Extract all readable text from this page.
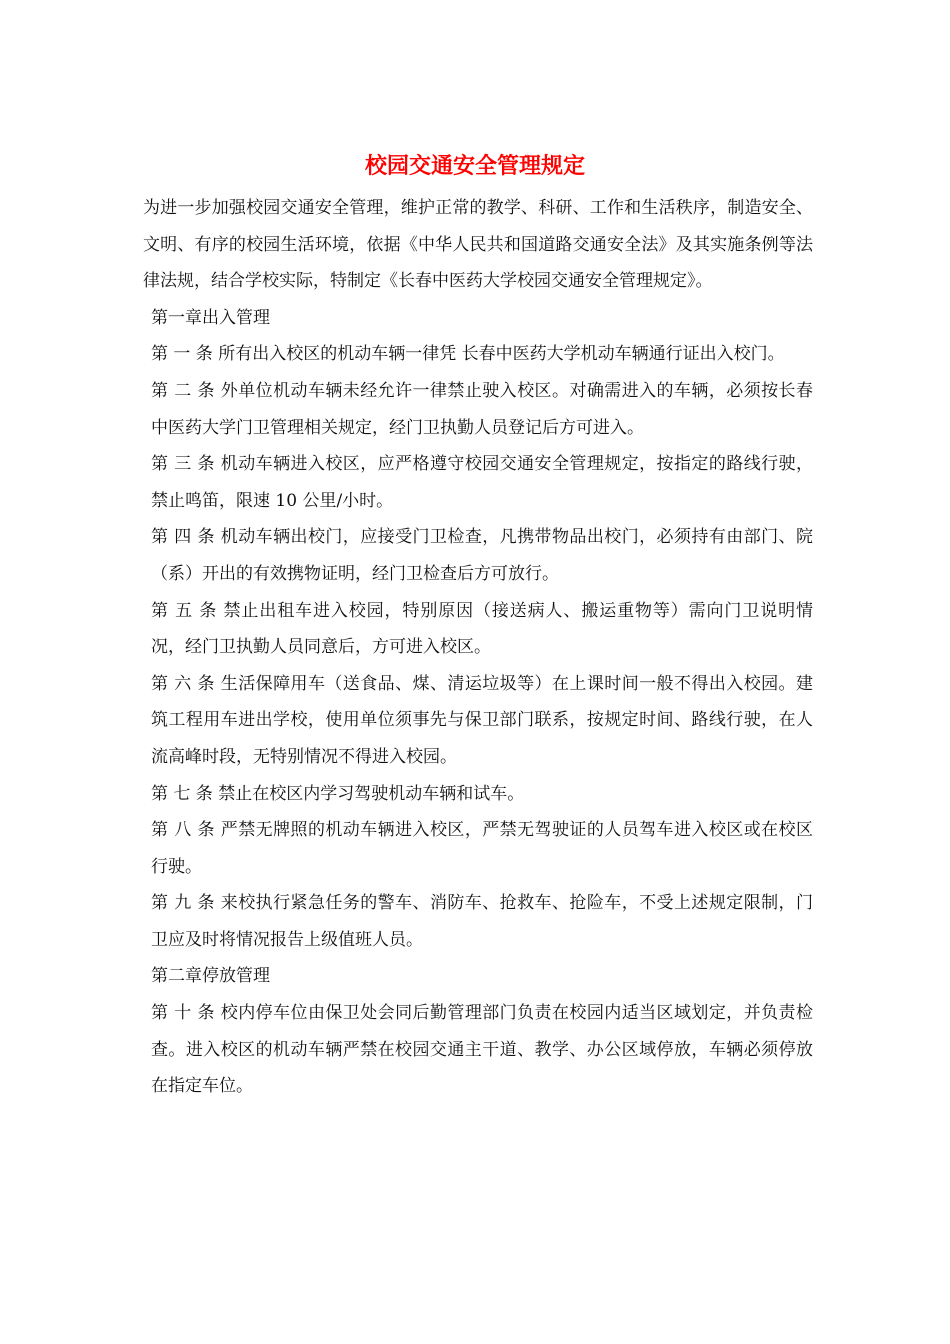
校园交通安全管理规定

为进一步加强校园交通安全管理，维护正常的教学、科研、工作和生活秩序，制造安全、文明、有序的校园生活环境，依据《中华人民共和国道路交通安全法》及其实施条例等法律法规，结合学校实际，特制定《长春中医药大学校园交通安全管理规定》。

第一章出入管理

第 一 条 所有出入校区的机动车辆一律凭 长春中医药大学机动车辆通行证出入校门。

第 二 条 外单位机动车辆未经允许一律禁止驶入校区。对确需进入的车辆，必须按长春中医药大学门卫管理相关规定，经门卫执勤人员登记后方可进入。

第 三 条 机动车辆进入校区，应严格遵守校园交通安全管理规定，按指定的路线行驶，禁止鸣笛，限速 10 公里/小时。

第 四 条 机动车辆出校门，应接受门卫检查，凡携带物品出校门，必须持有由部门、院（系）开出的有效携物证明，经门卫检查后方可放行。

第 五 条 禁止出租车进入校园，特别原因（接送病人、搬运重物等）需向门卫说明情况，经门卫执勤人员同意后，方可进入校区。

第 六 条 生活保障用车（送食品、煤、清运垃圾等）在上课时间一般不得出入校园。建筑工程用车进出学校，使用单位须事先与保卫部门联系，按规定时间、路线行驶，在人流高峰时段，无特别情况不得进入校园。

第 七 条 禁止在校区内学习驾驶机动车辆和试车。

第 八 条 严禁无牌照的机动车辆进入校区，严禁无驾驶证的人员驾车进入校区或在校区行驶。

第 九 条 来校执行紧急任务的警车、消防车、抢救车、抢险车，不受上述规定限制，门卫应及时将情况报告上级值班人员。

第二章停放管理

第 十 条 校内停车位由保卫处会同后勤管理部门负责在校园内适当区域划定，并负责检查。进入校区的机动车辆严禁在校园交通主干道、教学、办公区域停放，车辆必须停放在指定车位。
